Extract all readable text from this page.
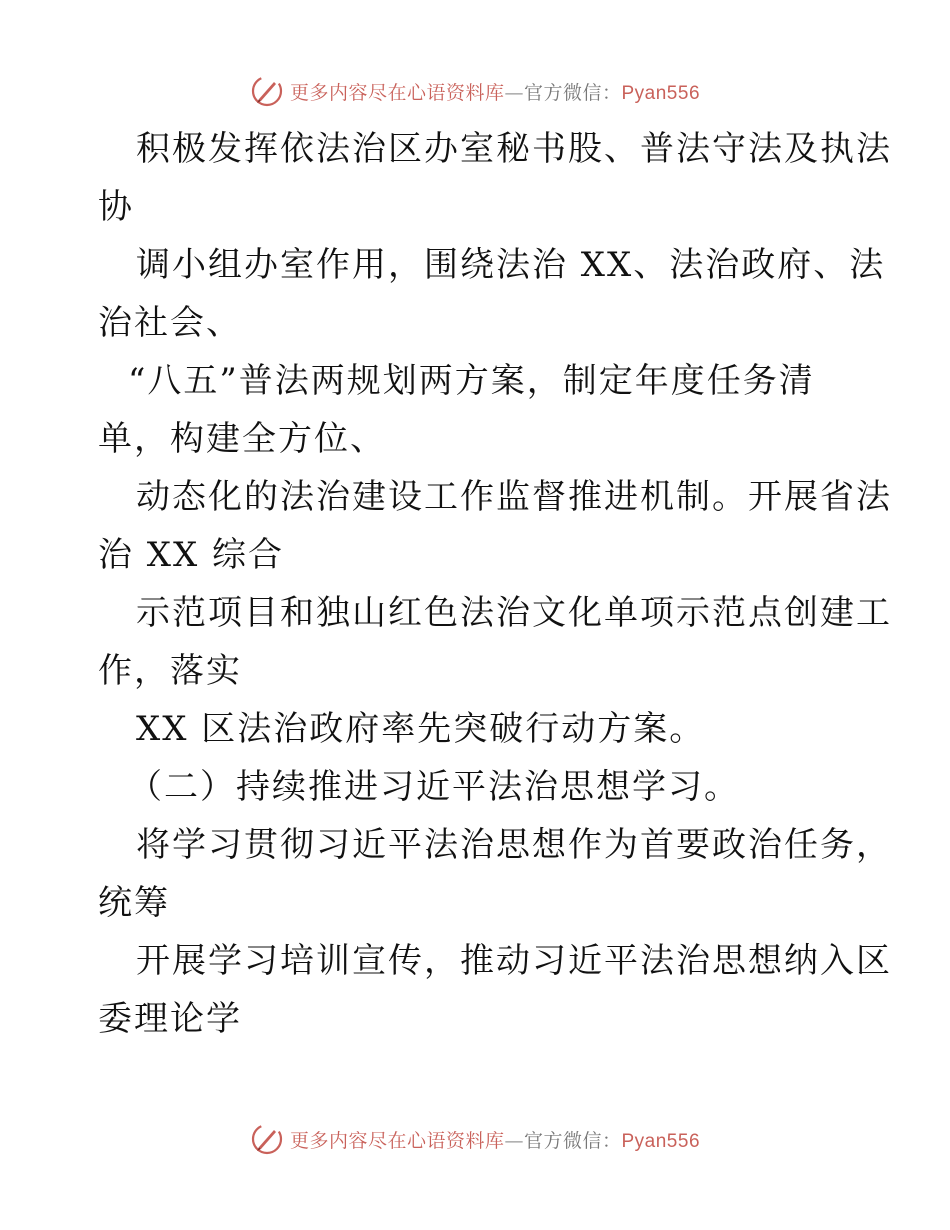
更多内容尽在心语资料库—官方微信：Pyan556
积极发挥依法治区办室秘书股、普法守法及执法
协
调小组办室作用，围绕法治 XX、法治政府、法
治社会、
“八五”普法两规划两方案，制定年度任务清
单，构建全方位、
动态化的法治建设工作监督推进机制。开展省法
治 XX 综合
示范项目和独山红色法治文化单项示范点创建工
作，落实
XX 区法治政府率先突破行动方案。
（二）持续推进习近平法治思想学习。
将学习贯彻习近平法治思想作为首要政治任务，
统筹
开展学习培训宣传，推动习近平法治思想纳入区
委理论学
更多内容尽在心语资料库—官方微信：Pyan556
